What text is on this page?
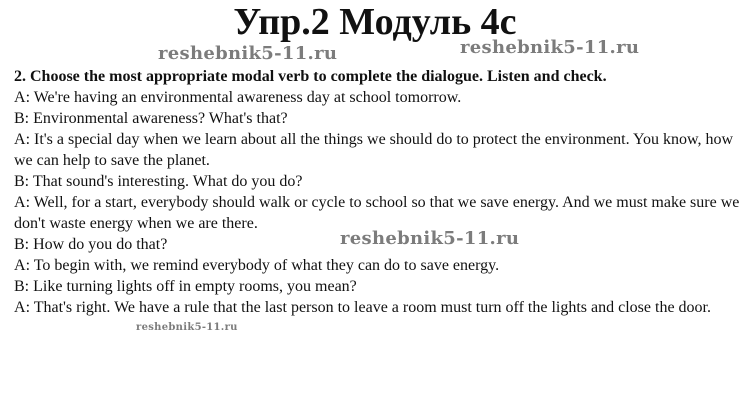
Упр.2 Модуль 4с
reshebnik5-11.ru	reshebnik5-11.ru
reshebnik5-11.ru
reshebnik5-11.ru
2. Choose the most appropriate modal verb to complete the dialogue. Listen and check.

A : We're having an environmental awareness day at school tomorrow.

B : Environmental awareness? What's that?

A : It's a special day when we learn about all the things we should do to protect the environment. You know, how we can help to save the planet.

B : That sound's interesting. What do you do?

A : Well, for a start, everybody should walk or cycle to school so that we save energy. And we must make sure we don't waste energy when we are there.

B : How do you do that?

A : To begin with, we remind everybody of what they can do to save energy.

B : Like turning lights off in empty rooms, you mean?

A : That's right. We have a rule that the last person to leave a room must turn off the lights and close the door.
